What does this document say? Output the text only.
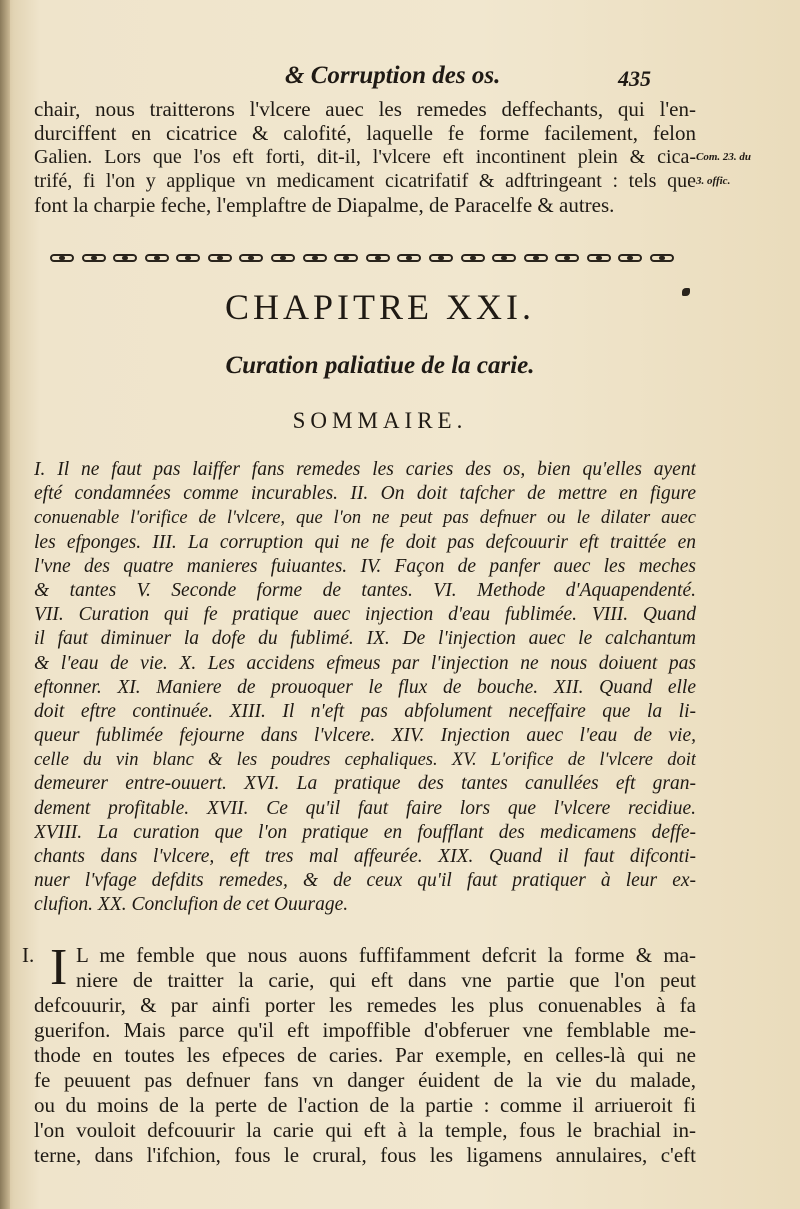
& Corruption des os.	435
chair, nous traitterons l'vlcere auec les remedes deffechants, qui l'en-
durciffent en cicatrice & calofité, laquelle fe forme facilement, felon
Galien. Lors que l'os eft forti, dit-il, l'vlcere eft incontinent plein & cica-
trifé, fi l'on y applique vn medicament cicatrifatif & adftringeant : tels que
font la charpie feche, l'emplaftre de Diapalme, de Paracelfe & autres.
Com. 23. du
3. offic.
CHAPITRE XXI.
Curation paliatiue de la carie.
SOMMAIRE.
I. Il ne faut pas laiffer fans remedes les caries des os, bien qu'elles ayent
efté condamnées comme incurables. II. On doit tafcher de mettre en figure
conuenable l'orifice de l'vlcere, que l'on ne peut pas defnuer ou le dilater auec
les efponges. III. La corruption qui ne fe doit pas defcouurir eft traittée en
l'vne des quatre manieres fuiuantes. IV. Façon de panfer auec les meches
& tantes V. Seconde forme de tantes. VI. Methode d'Aquapendenté.
VII. Curation qui fe pratique auec injection d'eau fublimée. VIII. Quand
il faut diminuer la dofe du fublimé. IX. De l'injection auec le calchantum
& l'eau de vie. X. Les accidens efmeus par l'injection ne nous doiuent pas
eftonner. XI. Maniere de prouoquer le flux de bouche. XII. Quand elle
doit eftre continuée. XIII. Il n'eft pas abfolument neceffaire que la li-
queur fublimée fejourne dans l'vlcere. XIV. Injection auec l'eau de vie,
celle du vin blanc & les poudres cephaliques. XV. L'orifice de l'vlcere doit
demeurer entre-ouuert. XVI. La pratique des tantes canullées eft gran-
dement profitable. XVII. Ce qu'il faut faire lors que l'vlcere recidiue.
XVIII. La curation que l'on pratique en foufflant des medicamens deffe-
chants dans l'vlcere, eft tres mal affeurée. XIX. Quand il faut difconti-
nuer l'vfage defdits remedes, & de ceux qu'il faut pratiquer à leur ex-
clufion. XX. Conclufion de cet Ouurage.
I. I L me femble que nous auons fuffifamment defcrit la forme & ma-
niere de traitter la carie, qui eft dans vne partie que l'on peut
defcouurir, & par ainfi porter les remedes les plus conuenables à fa
guerifon. Mais parce qu'il eft impoffible d'obferuer vne femblable me-
thode en toutes les efpeces de caries. Par exemple, en celles-là qui ne
fe peuuent pas defnuer fans vn danger éuident de la vie du malade,
ou du moins de la perte de l'action de la partie : comme il arriueroit fi
l'on vouloit defcouurir la carie qui eft à la temple, fous le brachial in-
terne, dans l'ifchion, fous le crural, fous les ligamens annulaires, c'eft
